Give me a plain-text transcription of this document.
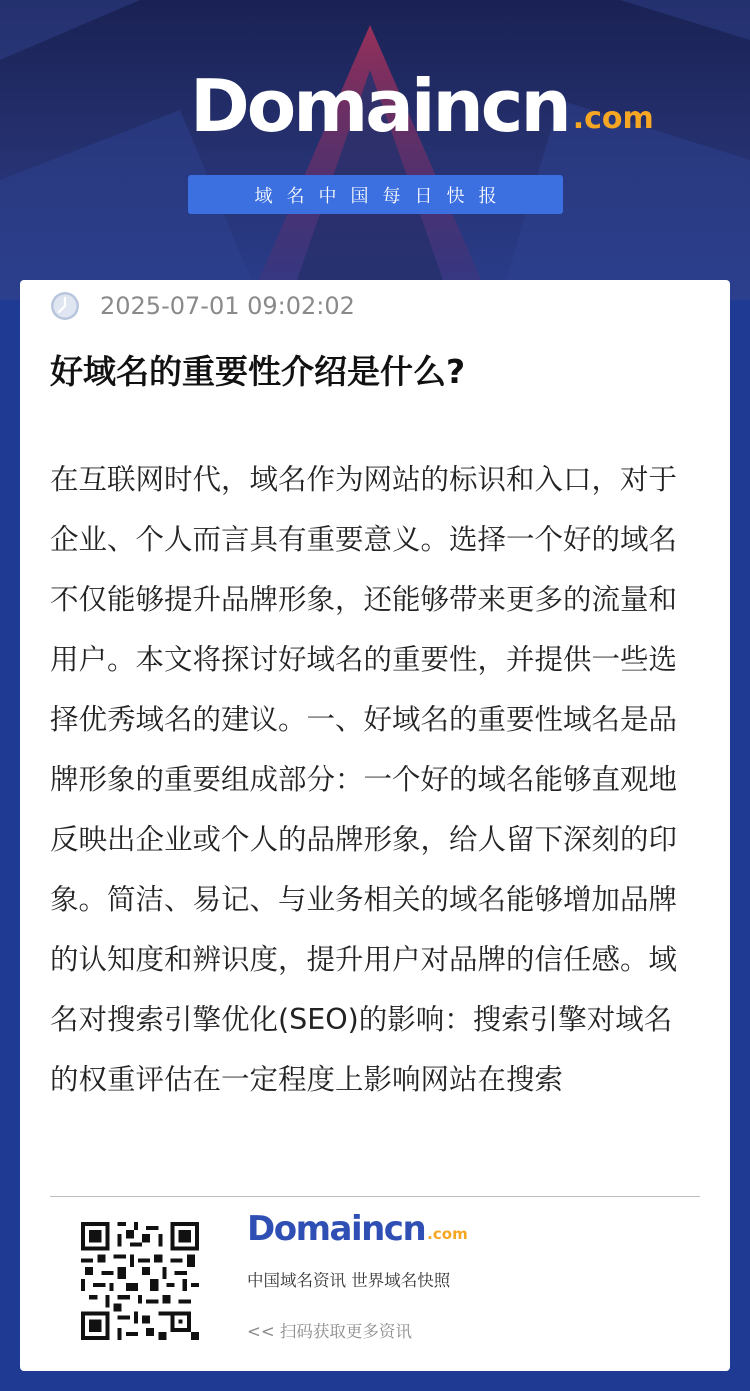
Domaincn .com
域名中国每日快报
2025-07-01 09:02:02
好域名的重要性介绍是什么?
在互联网时代，域名作为网站的标识和入口，对于企业、个人而言具有重要意义。选择一个好的域名不仅能够提升品牌形象，还能够带来更多的流量和用户。本文将探讨好域名的重要性，并提供一些选择优秀域名的建议。一、好域名的重要性域名是品牌形象的重要组成部分：一个好的域名能够直观地反映出企业或个人的品牌形象，给人留下深刻的印象。简洁、易记、与业务相关的域名能够增加品牌的认知度和辨识度，提升用户对品牌的信任感。域名对搜索引擎优化(SEO)的影响：搜索引擎对域名的权重评估在一定程度上影响网站在搜索
Domaincn .com
中国域名资讯 世界域名快照
<< 扫码获取更多资讯
